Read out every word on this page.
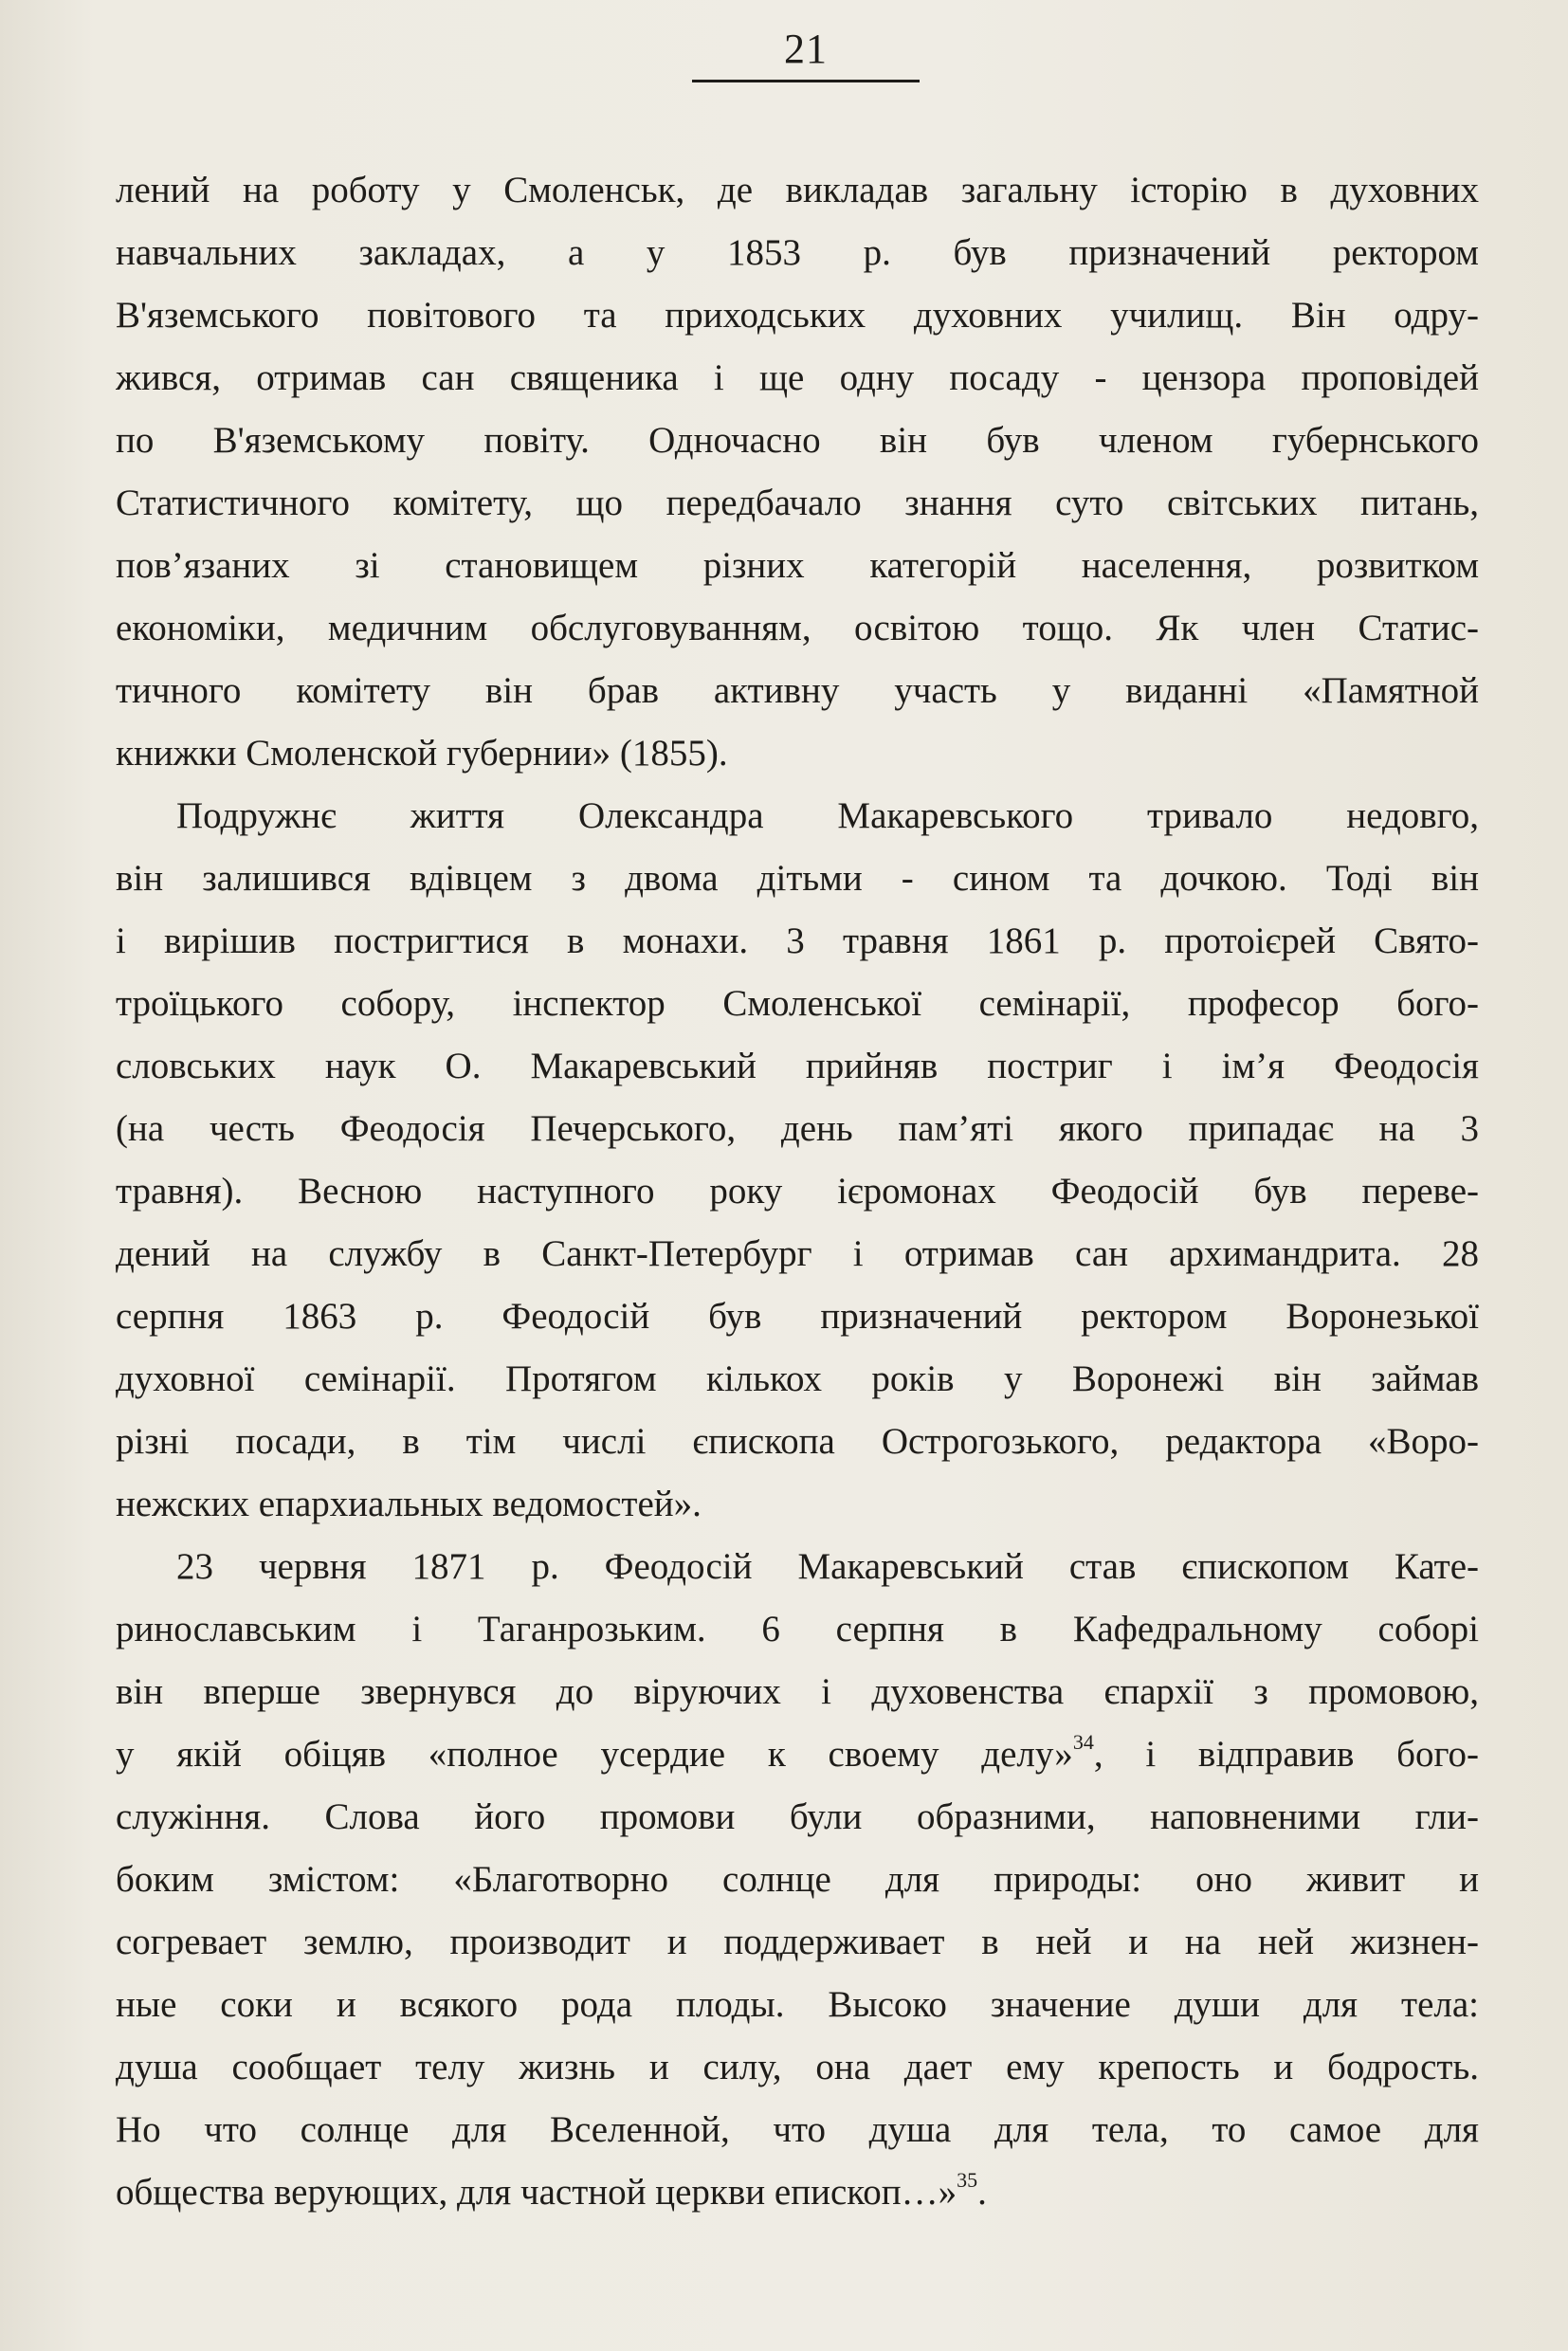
21
лений на роботу у Смоленськ, де викладав загальну історію в духовних
навчальних закладах, а у 1853 р. був призначений ректором
В'яземського повітового та приходських духовних училищ. Він одру-
жився, отримав сан священика і ще одну посаду - цензора проповідей
по В'яземському повіту. Одночасно він був членом губернського
Статистичного комітету, що передбачало знання суто світських питань,
пов’язаних зі становищем різних категорій населення, розвитком
економіки, медичним обслуговуванням, освітою тощо. Як член Статис-
тичного комітету він брав активну участь у виданні «Памятной
книжки Смоленской губернии» (1855).
Подружнє життя Олександра Макаревського тривало недовго,
він залишився вдівцем з двома дітьми - сином та дочкою. Тоді він
і вирішив постригтися в монахи. 3 травня 1861 р. протоієрей Свято-
троїцького собору, інспектор Смоленської семінарії, професор бого-
словських наук О. Макаревський прийняв постриг і ім’я Феодосія
(на честь Феодосія Печерського, день пам’яті якого припадає на 3
травня). Весною наступного року ієромонах Феодосій був переве-
дений на службу в Санкт-Петербург і отримав сан архимандрита. 28
серпня 1863 р. Феодосій був призначений ректором Воронезької
духовної семінарії. Протягом кількох років у Воронежі він займав
різні посади, в тім числі єпископа Острогозького, редактора «Воро-
нежских епархиальных ведомостей».
23 червня 1871 р. Феодосій Макаревський став єпископом Кате-
ринославським і Таганрозьким. 6 серпня в Кафедральному соборі
він вперше звернувся до віруючих і духовенства єпархії з промовою,
у якій обіцяв «полное усердие к своему делу»$^{34}$, і відправив бого-
служіння. Слова його промови були образними, наповненими гли-
боким змістом: «Благотворно солнце для природы: оно живит и
согревает землю, производит и поддерживает в ней и на ней жизнен-
ные соки и всякого рода плоды. Высоко значение души для тела:
душа сообщает телу жизнь и силу, она дает ему крепость и бодрость.
Но что солнце для Вселенной, что душа для тела, то самое для
общества верующих, для частной церкви епископ…»$^{35}$.
